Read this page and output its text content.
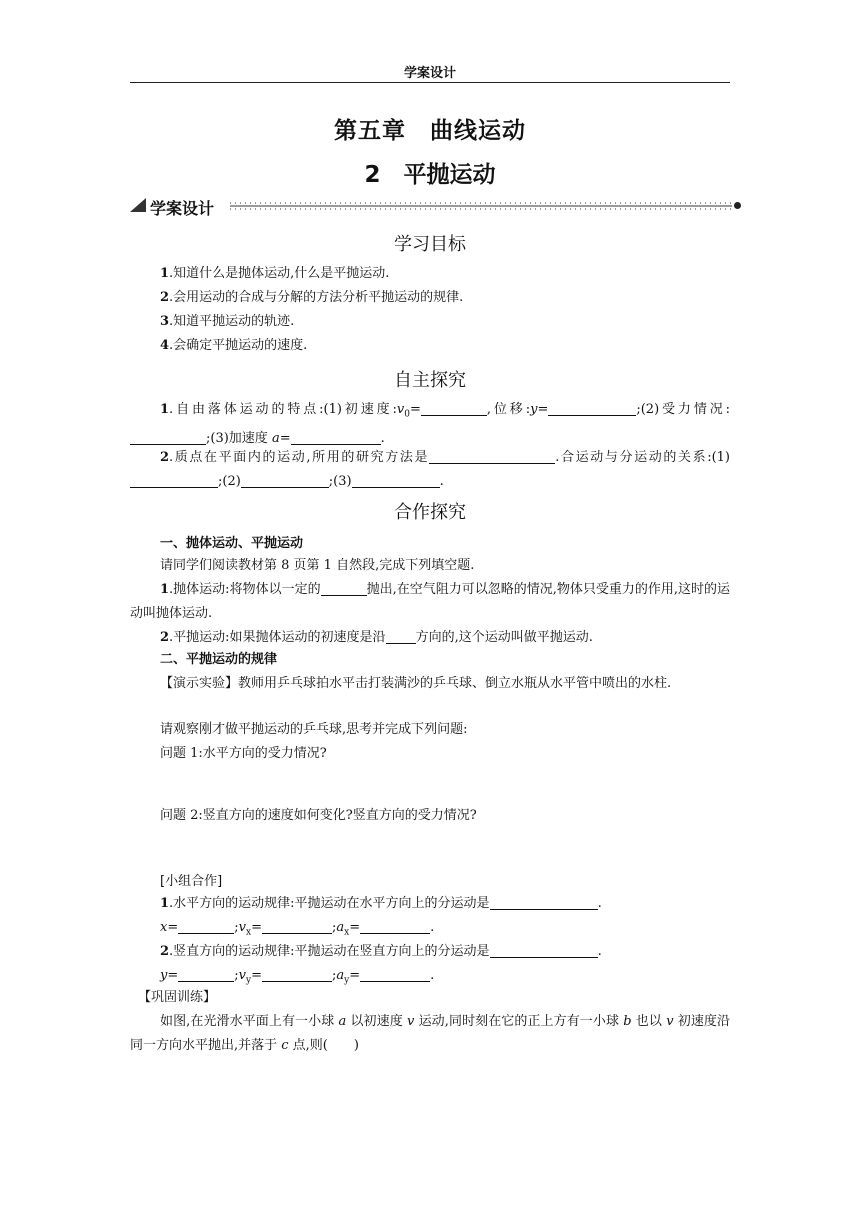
学案设计
第五章　曲线运动
2　平抛运动
学案设计
学习目标
1.知道什么是抛体运动,什么是平抛运动.
2.会用运动的合成与分解的方法分析平抛运动的规律.
3.知道平抛运动的轨迹.
4.会确定平抛运动的速度.
自主探究
1.自由落体运动的特点:(1)初速度$:v_0=$	,位移:y=	;(2)受力情况:;(3)加速度 a=	.
2.质点在平面内的运动,所用的研究方法是	.合运动与分运动的关系:(1);(2)	;(3)	.
合作探究
一、抛体运动、平抛运动
请同学们阅读教材第 8 页第 1 自然段,完成下列填空题.
1.抛体运动:将物体以一定的	抛出,在空气阻力可以忽略的情况,物体只受重力的作用,这时的运动叫抛体运动.
2.平抛运动:如果抛体运动的初速度是沿 方向的,这个运动叫做平抛运动.
二、平抛运动的规律
【演示实验】教师用乒乓球拍水平击打装满沙的乒乓球、倒立水瓶从水平管中喷出的水柱.
请观察刚才做平抛运动的乒乓球,思考并完成下列问题:
问题 1:水平方向的受力情况?
问题 2:竖直方向的速度如何变化?竖直方向的受力情况?
[小组合作]
1.水平方向的运动规律:平抛运动在水平方向上的分运动是	.
x=	$;v_x=$	$;a_x=$	.
2.竖直方向的运动规律:平抛运动在竖直方向上的分运动是	.
y=	$;v_y=$	$;a_y=$	.
【巩固训练】
如图,在光滑水平面上有一小球 a 以初速度 v 运动,同时刻在它的正上方有一小球 b 也以 v 初速度沿同一方向水平抛出,并落于 c 点,则(　　)
